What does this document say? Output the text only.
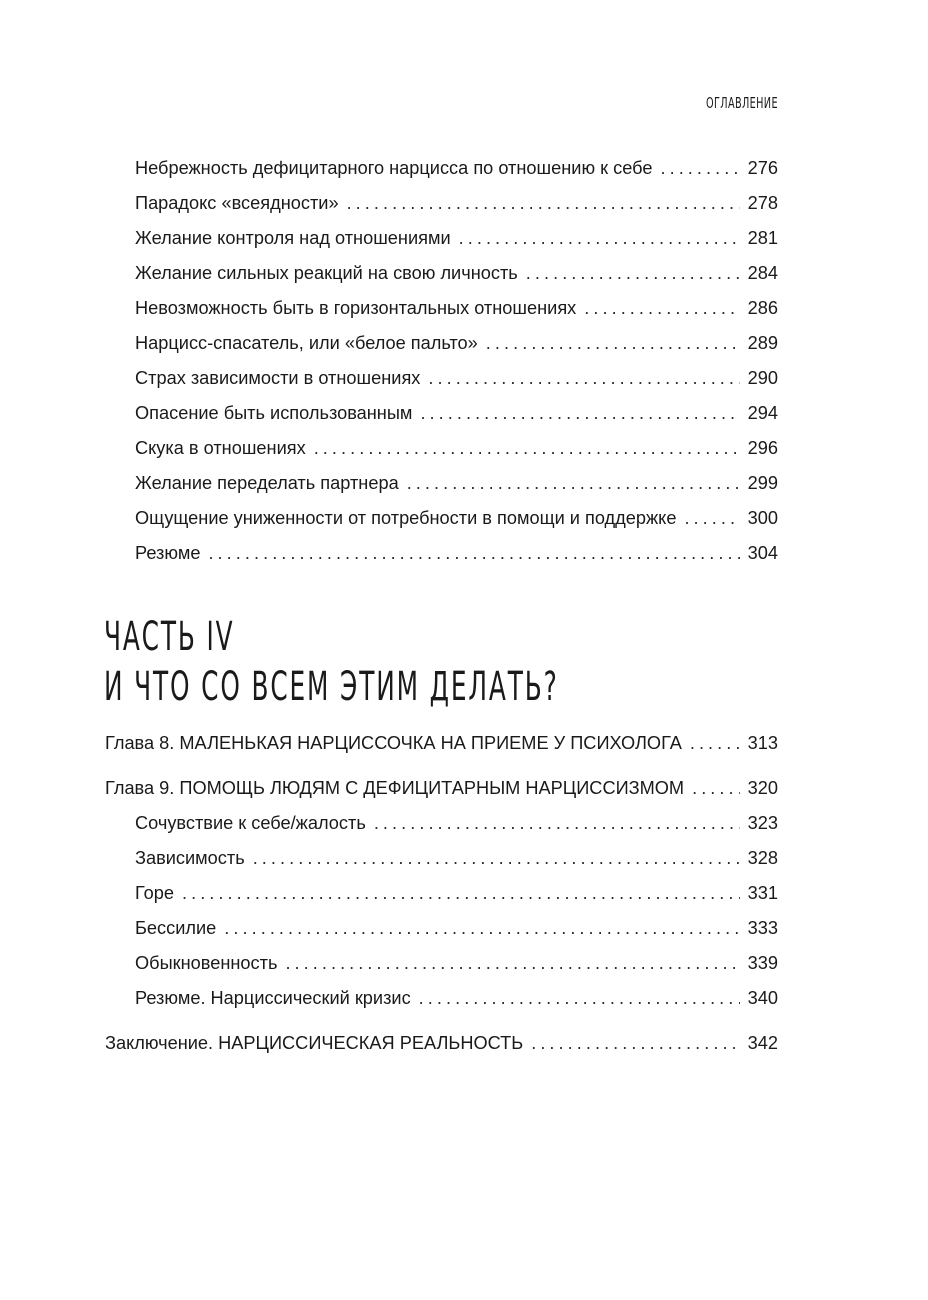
ОГЛАВЛЕНИЕ
Небрежность дефицитарного нарцисса по отношению к себе . . .	276
Парадокс «всеядности» . . .	278
Желание контроля над отношениями . . .	281
Желание сильных реакций на свою личность . . .	284
Невозможность быть в горизонтальных отношениях . . .	286
Нарцисс-спасатель, или «белое пальто» . . .	289
Страх зависимости в отношениях . . .	290
Опасение быть использованным . . .	294
Скука в отношениях . . .	296
Желание переделать партнера . . .	299
Ощущение униженности от потребности в помощи и поддержке . . .	300
Резюме . . .	304
ЧАСТЬ IV
И ЧТО СО ВСЕМ ЭТИМ ДЕЛАТЬ?
Глава 8. МАЛЕНЬКАЯ НАРЦИССОЧКА НА ПРИЕМЕ У ПСИХОЛОГА . . .	313
Глава 9. ПОМОЩЬ ЛЮДЯМ С ДЕФИЦИТАРНЫМ НАРЦИССИЗМОМ . . .	320
Сочувствие к себе/жалость . . .	323
Зависимость . . .	328
Горе . . .	331
Бессилие . . .	333
Обыкновенность . . .	339
Резюме. Нарциссический кризис . . .	340
Заключение. НАРЦИССИЧЕСКАЯ РЕАЛЬНОСТЬ . . .	342
